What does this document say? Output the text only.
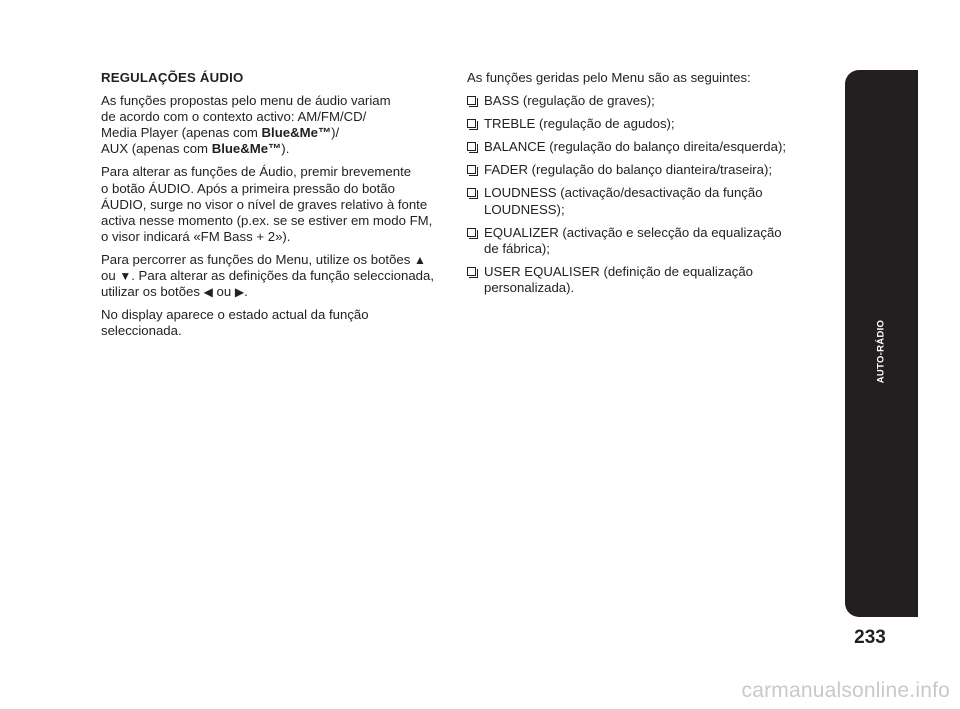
REGULAÇÕES ÁUDIO
As funções propostas pelo menu de áudio variam
de acordo com o contexto activo: AM/FM/CD/
Media Player (apenas com Blue&Me™)/
AUX (apenas com Blue&Me™).
Para alterar as funções de Áudio, premir brevemente
o botão ÁUDIO. Após a primeira pressão do botão
ÁUDIO, surge no visor o nível de graves relativo à fonte
activa nesse momento (p.ex. se se estiver em modo FM,
o visor indicará «FM Bass + 2»).
Para percorrer as funções do Menu, utilize os botões ▲
ou ▼. Para alterar as definições da função seleccionada,
utilizar os botões ◀ ou ▶.
No display aparece o estado actual da função
seleccionada.
As funções geridas pelo Menu são as seguintes:
BASS (regulação de graves);
TREBLE (regulação de agudos);
BALANCE (regulação do balanço direita/esquerda);
FADER (regulação do balanço dianteira/traseira);
LOUDNESS (activação/desactivação da função
LOUDNESS);
EQUALIZER (activação e selecção da equalização
de fábrica);
USER EQUALISER (definição de equalização
personalizada).
AUTO-RÁDIO
233
carmanualsonline.info
